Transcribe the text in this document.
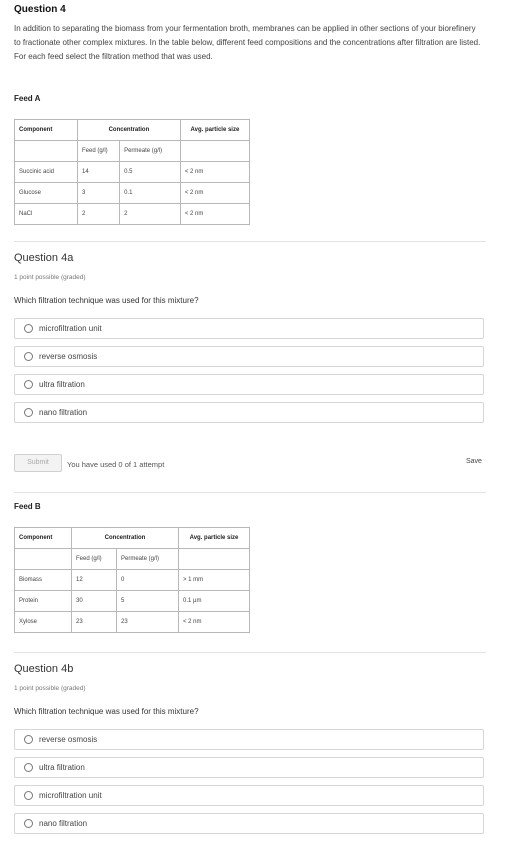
Question 4
In addition to separating the biomass from your fermentation broth, membranes can be applied in other sections of your biorefinery to fractionate other complex mixtures. In the table below, different feed compositions and the concentrations after filtration are listed. For each feed select the filtration method that was used.
Feed A
Component	Concentration		Avg. particle size
	Feed (g/l)	Permeate (g/l)	
Succinic acid	14	0.5	< 2 nm
Glucose	3	0.1	< 2 nm
NaCl	2	2	< 2 nm
Question 4a
1 point possible (graded)
Which filtration technique was used for this mixture?
microfiltration unit
reverse osmosis
ultra filtration
nano filtration
Submit	You have used 0 of 1 attempt	Save
Feed B
Component	Concentration		Avg. particle size
	Feed (g/l)	Permeate (g/l)	
Biomass	12	0	> 1 mm
Protein	30	5	0.1 µm
Xylose	23	23	< 2 nm
Question 4b
1 point possible (graded)
Which filtration technique was used for this mixture?
reverse osmosis
ultra filtration
microfiltration unit
nano filtration
